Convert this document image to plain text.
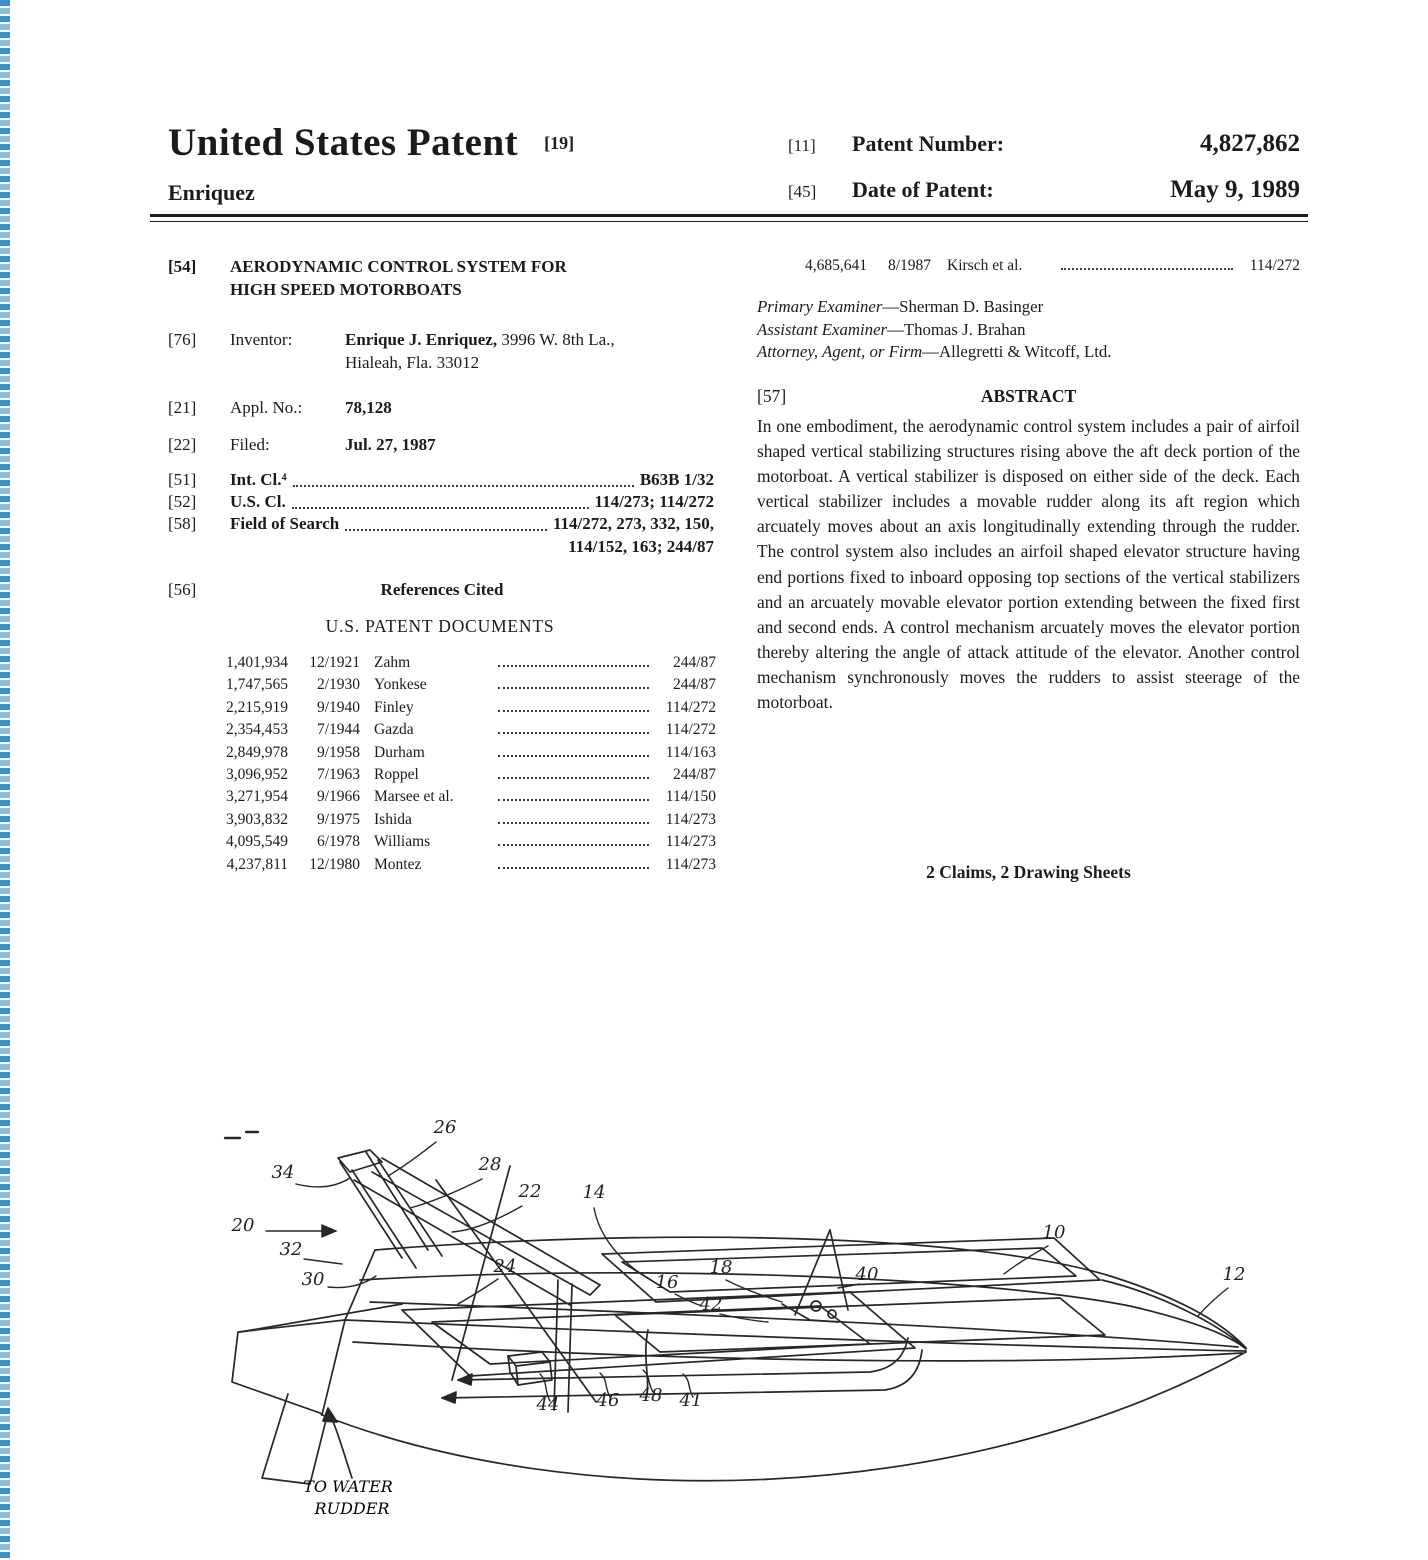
United States Patent [19]
Enriquez
[11]	Patent Number:	4,827,862
[45]	Date of Patent:	May 9, 1989
[54] AERODYNAMIC CONTROL SYSTEM FOR
HIGH SPEED MOTORBOATS
[76] Inventor:	Enrique J. Enriquez, 3996 W. 8th La.,
Hialeah, Fla. 33012
[21] Appl. No.:	78,128
[22] Filed:	Jul. 27, 1987
[51] Int. Cl.⁴	B63B 1/32
[52] U.S. Cl.	114/273; 114/272
[58] Field of Search	114/272, 273, 332, 150,
114/152, 163; 244/87
[56]	References Cited
U.S. PATENT DOCUMENTS
1,401,934	12/1921 Zahm	244/87
1,747,565	2/1930 Yonkese	244/87
2,215,919	9/1940 Finley	114/272
2,354,453	7/1944 Gazda	114/272
2,849,978	9/1958 Durham	114/163
3,096,952	7/1963 Roppel	244/87
3,271,954	9/1966 Marsee et al.	114/150
3,903,832	9/1975 Ishida	114/273
4,095,549	6/1978 Williams	114/273
4,237,811	12/1980 Montez	114/273
4,685,641	8/1987 Kirsch et al.	114/272
Primary Examiner—Sherman D. Basinger
Assistant Examiner—Thomas J. Brahan
Attorney, Agent, or Firm—Allegretti & Witcoff, Ltd.
[57]	ABSTRACT
In one embodiment, the aerodynamic control system includes a pair of airfoil shaped vertical stabilizing structures rising above the aft deck portion of the motorboat. A vertical stabilizer is disposed on either side of the deck. Each vertical stabilizer includes a movable rudder along its aft region which arcuately moves about an axis longitudinally extending through the rudder. The control system also includes an airfoil shaped elevator structure having end portions fixed to inboard opposing top sections of the vertical stabilizers and an arcuately movable elevator portion extending between the fixed first and second ends. A control mechanism arcuately moves the elevator portion thereby altering the angle of attack attitude of the elevator. Another control mechanism synchronously moves the rudders to assist steerage of the motorboat.
2 Claims, 2 Drawing Sheets
26
28
22 14
34
20
32
30
24
16
18
42
40
10
12
44 46 48 41
TO WATER
RUDDER
